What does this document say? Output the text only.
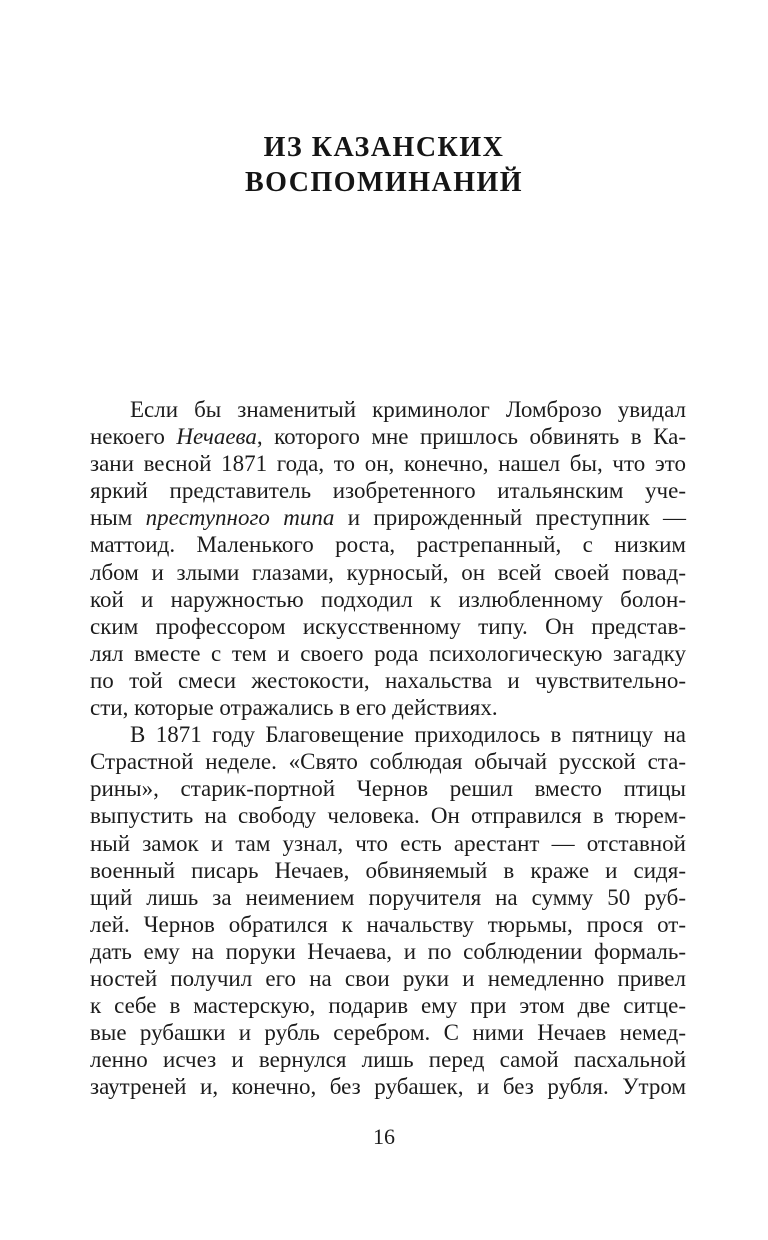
ИЗ КАЗАНСКИХ
ВОСПОМИНАНИЙ
Если бы знаменитый криминолог Ломброзо увидал
некоего Нечаева, которого мне пришлось обвинять в Ка-
зани весной 1871 года, то он, конечно, нашел бы, что это
яркий представитель изобретенного итальянским уче-
ным преступного типа и прирожденный преступник —
маттоид. Маленького роста, растрепанный, с низким
лбом и злыми глазами, курносый, он всей своей повад-
кой и наружностью подходил к излюбленному болон-
ским профессором искусственному типу. Он представ-
лял вместе с тем и своего рода психологическую загадку
по той смеси жестокости, нахальства и чувствительно-
сти, которые отражались в его действиях.
В 1871 году Благовещение приходилось в пятницу на
Страстной неделе. «Свято соблюдая обычай русской ста-
рины», старик-портной Чернов решил вместо птицы
выпустить на свободу человека. Он отправился в тюрем-
ный замок и там узнал, что есть арестант — отставной
военный писарь Нечаев, обвиняемый в краже и сидя-
щий лишь за неимением поручителя на сумму 50 руб-
лей. Чернов обратился к начальству тюрьмы, прося от-
дать ему на поруки Нечаева, и по соблюдении формаль-
ностей получил его на свои руки и немедленно привел
к себе в мастерскую, подарив ему при этом две ситце-
вые рубашки и рубль серебром. С ними Нечаев немед-
ленно исчез и вернулся лишь перед самой пасхальной
заутреней и, конечно, без рубашек, и без рубля. Утром
16
